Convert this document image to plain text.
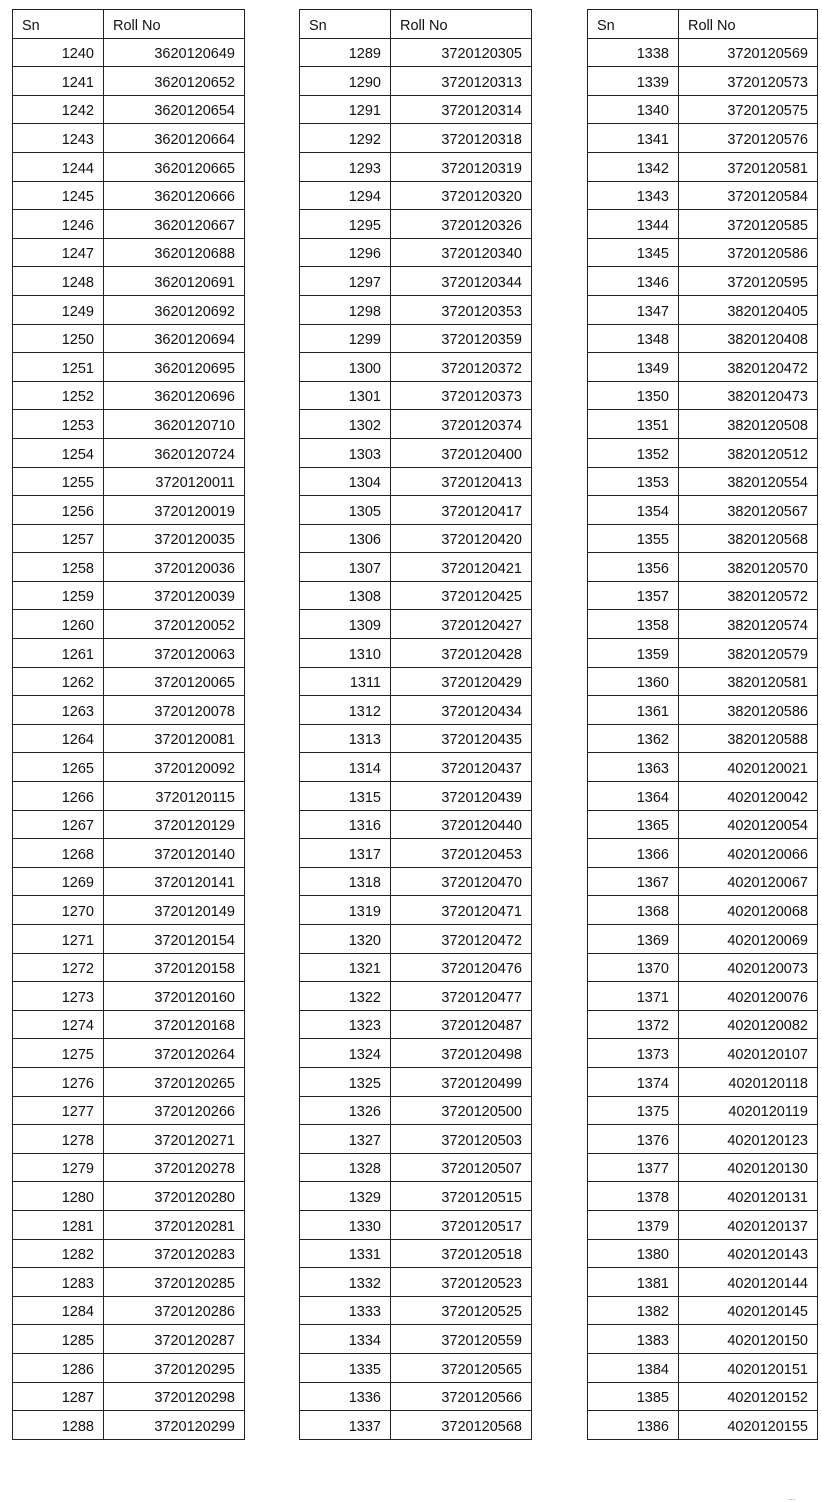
Sn	Roll No
1240	3620120649
1241	3620120652
1242	3620120654
1243	3620120664
1244	3620120665
1245	3620120666
1246	3620120667
1247	3620120688
1248	3620120691
1249	3620120692
1250	3620120694
1251	3620120695
1252	3620120696
1253	3620120710
1254	3620120724
1255	3720120011
1256	3720120019
1257	3720120035
1258	3720120036
1259	3720120039
1260	3720120052
1261	3720120063
1262	3720120065
1263	3720120078
1264	3720120081
1265	3720120092
1266	3720120115
1267	3720120129
1268	3720120140
1269	3720120141
1270	3720120149
1271	3720120154
1272	3720120158
1273	3720120160
1274	3720120168
1275	3720120264
1276	3720120265
1277	3720120266
1278	3720120271
1279	3720120278
1280	3720120280
1281	3720120281
1282	3720120283
1283	3720120285
1284	3720120286
1285	3720120287
1286	3720120295
1287	3720120298
1288	3720120299
Sn	Roll No
1289	3720120305
1290	3720120313
1291	3720120314
1292	3720120318
1293	3720120319
1294	3720120320
1295	3720120326
1296	3720120340
1297	3720120344
1298	3720120353
1299	3720120359
1300	3720120372
1301	3720120373
1302	3720120374
1303	3720120400
1304	3720120413
1305	3720120417
1306	3720120420
1307	3720120421
1308	3720120425
1309	3720120427
1310	3720120428
1311	3720120429
1312	3720120434
1313	3720120435
1314	3720120437
1315	3720120439
1316	3720120440
1317	3720120453
1318	3720120470
1319	3720120471
1320	3720120472
1321	3720120476
1322	3720120477
1323	3720120487
1324	3720120498
1325	3720120499
1326	3720120500
1327	3720120503
1328	3720120507
1329	3720120515
1330	3720120517
1331	3720120518
1332	3720120523
1333	3720120525
1334	3720120559
1335	3720120565
1336	3720120566
1337	3720120568
Sn	Roll No
1338	3720120569
1339	3720120573
1340	3720120575
1341	3720120576
1342	3720120581
1343	3720120584
1344	3720120585
1345	3720120586
1346	3720120595
1347	3820120405
1348	3820120408
1349	3820120472
1350	3820120473
1351	3820120508
1352	3820120512
1353	3820120554
1354	3820120567
1355	3820120568
1356	3820120570
1357	3820120572
1358	3820120574
1359	3820120579
1360	3820120581
1361	3820120586
1362	3820120588
1363	4020120021
1364	4020120042
1365	4020120054
1366	4020120066
1367	4020120067
1368	4020120068
1369	4020120069
1370	4020120073
1371	4020120076
1372	4020120082
1373	4020120107
1374	4020120118
1375	4020120119
1376	4020120123
1377	4020120130
1378	4020120131
1379	4020120137
1380	4020120143
1381	4020120144
1382	4020120145
1383	4020120150
1384	4020120151
1385	4020120152
1386	4020120155
...
